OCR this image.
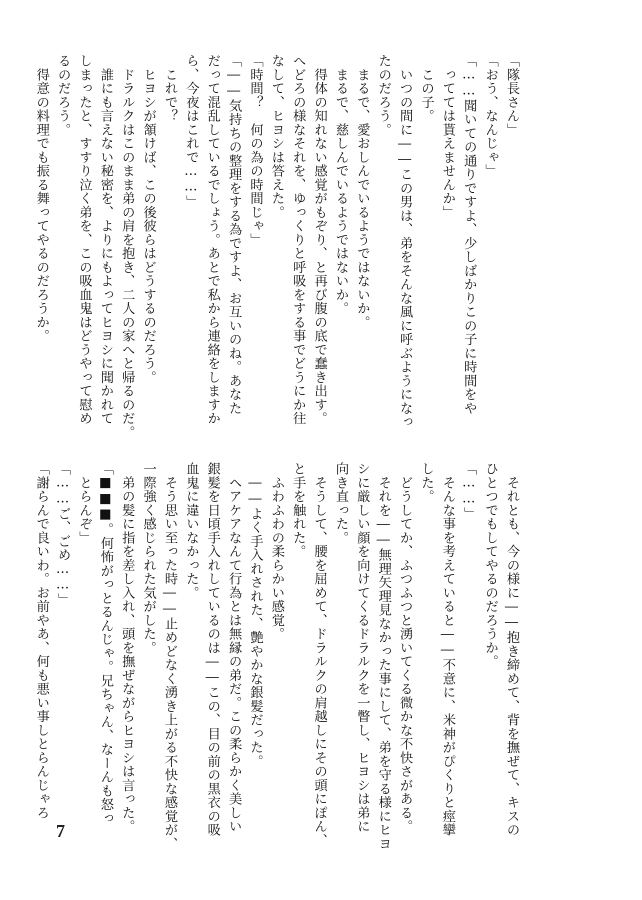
「隊長さん」
「おう、なんじゃ」
「……聞いての通りですよ、少しばかりこの子に時間をや
　ってては貰えませんか」
　この子。
　いつの間に――この男は、弟をそんな風に呼ぶようになっ
たのだろう。
　まるで、愛おしんでいるようではないか。
　まるで、慈しんでいるようではないか。
　得体の知れない感覚がもぞり、と再び腹の底で蠢き出す。
へどろの様なそれを、ゆっくりと呼吸をする事でどうにか往
なして、ヒヨシは答えた。
「時間？　何の為の時間じゃ」
「――気持ちの整理をする為ですよ、お互いのね。あなた
だって混乱しているでしょう。あとで私から連絡をしますか
ら、今夜はこれで……」
　これで？
　ヒヨシが頷けば、この後彼らはどうするのだろう。
　ドラルクはこのまま弟の肩を抱き、二人の家へと帰るのだ。
　誰にも言えない秘密を、よりにもよってヒヨシに聞かれて
しまったと、すすり泣く弟を、この吸血鬼はどうやって慰め
るのだろう。
　得意の料理でも振る舞ってやるのだろうか。
　それとも、今の様に――抱き締めて、背を撫ぜて、キスの
ひとつでもしてやるのだろうか。
「……」
　そんな事を考えていると――不意に、米神がぴくりと痙攣
した。
　どうしてか、ふつふつと湧いてくる微かな不快さがある。
　それを――無理矢理見なかった事にして、弟を守る様にヒヨ
シに厳しい顔を向けてくるドラルクを一瞥し、ヒヨシは弟に
向き直った。
　そうして、腰を屈めて、ドラルクの肩越しにその頭にぽん、
と手を触れた。
　ふわふわの柔らかい感覚。
　――よく手入れされた、艶やかな銀髪だった。
　ヘアケアなんて行為とは無縁の弟だ。この柔らかく美しい
銀髪を日頃手入れしているのは――この、目の前の黒衣の吸
血鬼に違いなかった。
　そう思い至った時――止めどなく湧き上がる不快な感覚が、
一際強く感じられた気がした。
　弟の髪に指を差し入れ、頭を撫ぜながらヒヨシは言った。
「■■■。何怖がっとるんじゃ。兄ちゃん、なーんも怒っ
　とらんぞ」
「……ご、ごめ……」
「謝らんで良いわ。お前やあ、何も悪い事しとらんじゃろ
7
